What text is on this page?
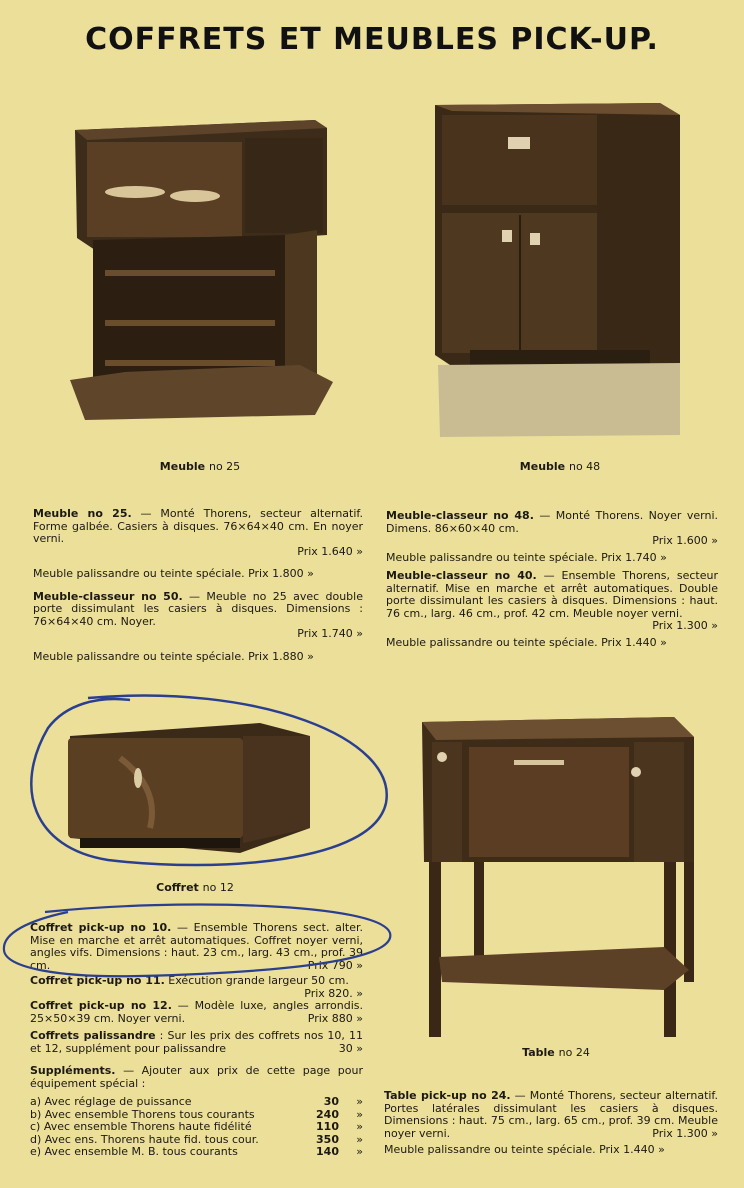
COFFRETS ET MEUBLES PICK-UP.
Meuble no 25	Meuble no 48
Meuble no 25. — Monté Thorens, secteur alternatif. Forme galbée. Casiers à disques. 76×64×40 cm. En noyer verni.
Prix 1.640 »
Meuble palissandre ou teinte spéciale. Prix 1.800 »
Meuble-classeur no 50. — Meuble no 25 avec double porte dissimulant les casiers à disques. Dimensions : 76×64×40 cm. Noyer.
Prix 1.740 »
Meuble palissandre ou teinte spéciale. Prix 1.880 »
Meuble-classeur no 48. — Monté Thorens. Noyer verni. Dimens. 86×60×40 cm.
Prix 1.600 »
Meuble palissandre ou teinte spéciale. Prix 1.740 »
Meuble-classeur no 40. — Ensemble Thorens, secteur alternatif. Mise en marche et arrêt automatiques. Double porte dissimulant les casiers à disques. Dimensions : haut. 76 cm., larg. 46 cm., prof. 42 cm. Meuble noyer verni.
Prix 1.300 »
Meuble palissandre ou teinte spéciale. Prix 1.440 »
Coffret no 12
Table no 24
Coffret pick-up no 10. — Ensemble Thorens sect. alter. Mise en marche et arrêt automatiques. Coffret noyer verni, angles vifs. Dimensions : haut. 23 cm., larg. 43 cm., prof. 39 cm.	Prix 790 »
Coffret pick-up no 11. Exécution grande largeur 50 cm.
Prix 820. »
Coffret pick-up no 12. — Modèle luxe, angles arrondis. 25×50×39 cm. Noyer verni.	Prix 880 »
Coffrets palissandre : Sur les prix des coffrets nos 10, 11 et 12, supplément pour palissandre	30 »
Suppléments. — Ajouter aux prix de cette page pour équipement spécial :
a) Avec réglage de puissance	30	»
b) Avec ensemble Thorens tous courants	240	»
c) Avec ensemble Thorens haute fidélité	110	»
d) Avec ens. Thorens haute fid. tous cour.	350	»
e) Avec ensemble M. B. tous courants	140	»
Table pick-up no 24. — Monté Thorens, secteur alternatif. Portes latérales dissimulant les casiers à disques. Dimensions : haut. 75 cm., larg. 65 cm., prof. 39 cm. Meuble noyer verni.	Prix 1.300 »
Meuble palissandre ou teinte spéciale. Prix 1.440 »
